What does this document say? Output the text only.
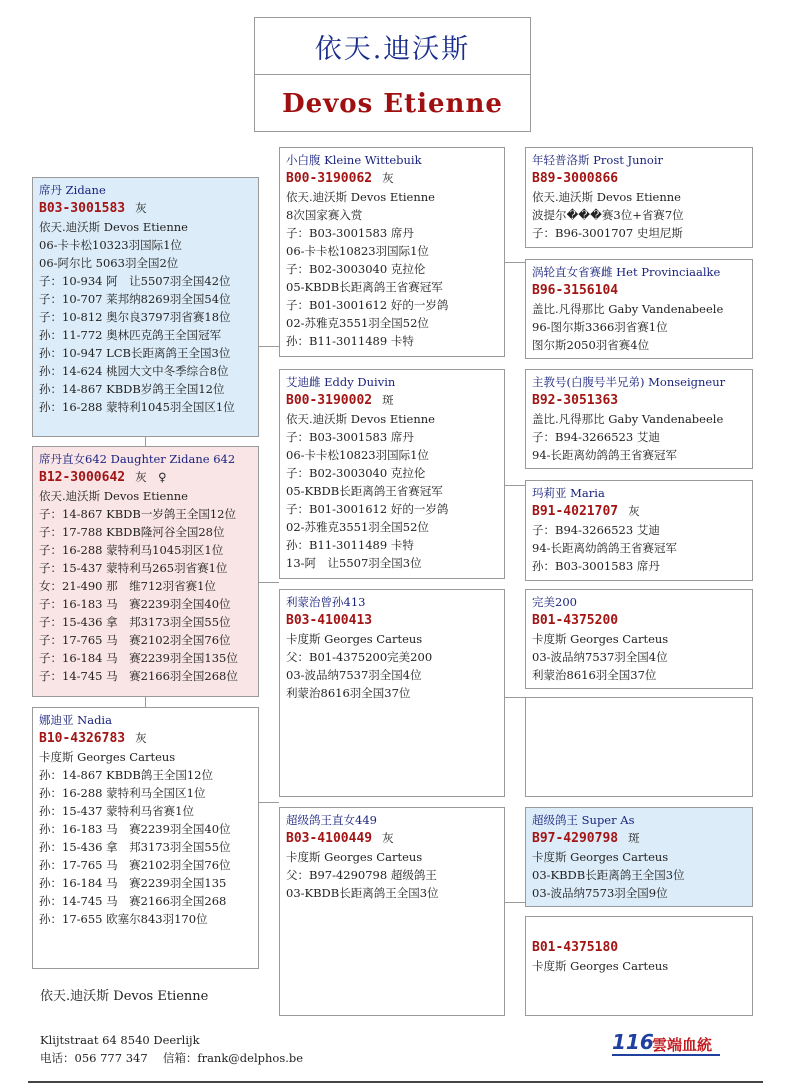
依天.迪沃斯
Devos Etienne
席丹 Zidane
B03-3001583 灰
依天.迪沃斯 Devos Etienne
06-卡卡松10323羽国际1位
06-阿尔比 5063羽全国2位
子：10-934 阿　让5507羽全国42位
子：10-707 莱邦纳8269羽全国54位
子：10-812 奥尔良3797羽省赛18位
孙：11-772 奥林匹克鸽王全国冠军
孙：10-947 LCB长距离鸽王全国3位
孙：14-624 桃园大文中冬季综合8位
孙：14-867 KBDB岁鸽王全国12位
孙：16-288 蒙特利1045羽全国区1位
席丹直女642 Daughter Zidane 642
B12-3000642 灰　♀
依天.迪沃斯 Devos Etienne
子：14-867 KBDB一岁鸽王全国12位
子：17-788 KBDB隆河谷全国28位
子：16-288 蒙特利马1045羽区1位
子：15-437 蒙特利马265羽省赛1位
女：21-490 那　维712羽省赛1位
子：16-183 马　赛2239羽全国40位
子：15-436 拿　邦3173羽全国55位
子：17-765 马　赛2102羽全国76位
子：16-184 马　赛2239羽全国135位
子：14-745 马　赛2166羽全国268位
娜迪亚 Nadia
B10-4326783 灰
卡度斯 Georges Carteus
孙：14-867 KBDB鸽王全国12位
孙：16-288 蒙特利马全国区1位
孙：15-437 蒙特利马省赛1位
孙：16-183 马　赛2239羽全国40位
孙：15-436 拿　邦3173羽全国55位
孙：17-765 马　赛2102羽全国76位
孙：16-184 马　赛2239羽全国135
孙：14-745 马　赛2166羽全国268
孙：17-655 欧塞尔843羽170位
小白腹 Kleine Wittebuik
B00-3190062 灰
依天.迪沃斯 Devos Etienne
8次国家赛入赏
子：B03-3001583 席丹
06-卡卡松10823羽国际1位
子：B02-3003040 克拉伦
05-KBDB长距离鸽王省赛冠军
子：B01-3001612 好的一岁鸽
02-苏雅克3551羽全国52位
孙：B11-3011489 卡特
艾迪雌 Eddy Duivin
B00-3190002 斑
依天.迪沃斯 Devos Etienne
子：B03-3001583 席丹
06-卡卡松10823羽国际1位
子：B02-3003040 克拉伦
05-KBDB长距离鸽王省赛冠军
子：B01-3001612 好的一岁鸽
02-苏雅克3551羽全国52位
孙：B11-3011489 卡特
13-阿　让5507羽全国3位
利蒙治曾孙413
B03-4100413
卡度斯 Georges Carteus
父：B01-4375200完美200
03-波品纳7537羽全国4位
利蒙治8616羽全国37位
超级鸽王直女449
B03-4100449 灰
卡度斯 Georges Carteus
父：B97-4290798 超级鸽王
03-KBDB长距离鸽王全国3位
年轻普洛斯 Prost Junoir
B89-3000866
依天.迪沃斯 Devos Etienne
波提尔���赛3位+省赛7位
子：B96-3001707 史坦尼斯
涡轮直女省赛雌 Het Provinciaalke
B96-3156104
盖比.凡得那比 Gaby Vandenabeele
96-图尔斯3366羽省赛1位
图尔斯2050羽省赛4位
主教号(白腹号半兄弟) Monseigneur
B92-3051363
盖比.凡得那比 Gaby Vandenabeele
子：B94-3266523 艾迪
94-长距离幼鸽鸽王省赛冠军
玛莉亚 Maria
B91-4021707 灰
子：B94-3266523 艾迪
94-长距离幼鸽鸽王省赛冠军
孙：B03-3001583 席丹
完美200
B01-4375200
卡度斯 Georges Carteus
03-波品纳7537羽全国4位
利蒙治8616羽全国37位
超级鸽王 Super As
B97-4290798 斑
卡度斯 Georges Carteus
03-KBDB长距离鸽王全国3位
03-波品纳7573羽全国9位
B01-4375180
卡度斯 Georges Carteus
依天.迪沃斯 Devos Etienne
Klijtstraat 64 8540 Deerlijk
电话：056 777 347　 信箱：frank@delphos.be
116
雲端血統
